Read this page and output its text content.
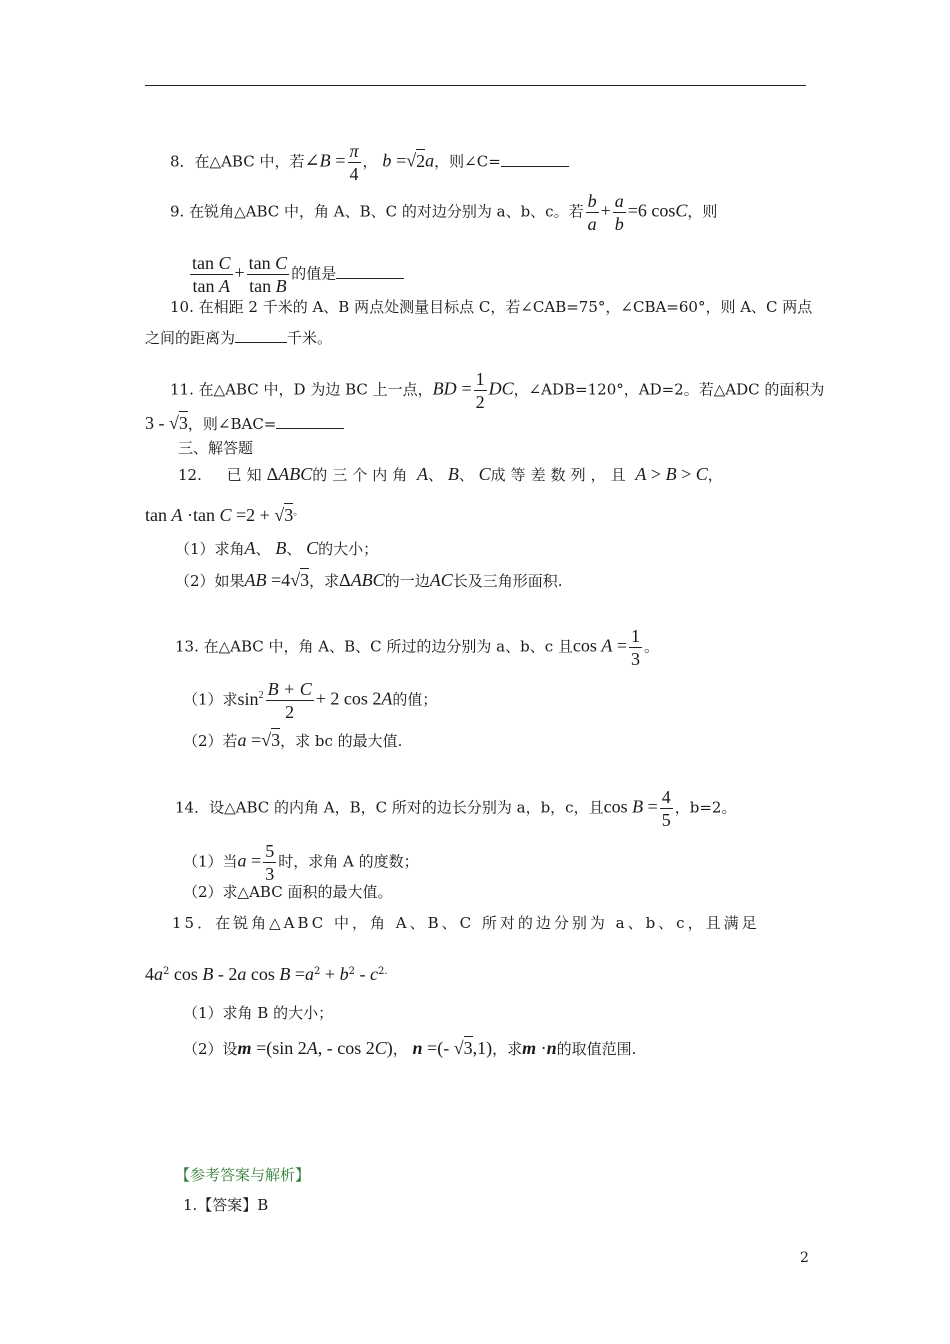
8．在△ABC 中，若∠B = $\frac{\pi}{4}$ ， b =√2a，则∠C=
9. 在锐角△ABC 中，角 A、B、C 的对边分别为 a、b、c。若 $\frac{b}{a} + \frac{a}{b} =6$ cosC，则
$\frac{\text{tan C}}{\text{tan A}} + \frac{\text{tan C}}{\text{tan B}}$ 的值是
10. 在相距 2 千米的 A、B 两点处测量目标点 C，若∠CAB=75°，∠CBA=60°，则 A、C 两点
之间的距离为	千米。
11. 在△ABC 中，D 为边 BC 上一点，BD = $\frac{1}{2}$ DC，∠ADB=120°，AD=2。若△ADC 的面积为
3 - √3，则∠BAC=
三、解答题
12. 已知ΔABC的三个内角 A、 B、 C成等差数列，且 A > B > C，
tan A ·tan C =2 + √3。
（1）求角A、 B、 C的大小；
（2）如果AB =4√3，求ΔABC的一边AC长及三角形面积.
13. 在△ABC 中，角 A、B、C 所过的边分别为 a、b、c 且$\cos A = \frac{1}{3}$ 。
（1）求$\sin^2 \frac{B + C}{2} + 2$ cos 2A的值；
（2）若a =√3，求 bc 的最大值.
14．设△ABC 的内角 A，B，C 所对的边长分别为 a，b，c，且$\cos B = \frac{4}{5}$ ，b=2。
（1）当$a = \frac{5}{3}$ 时，求角 A 的度数；
（2）求△ABC 面积的最大值。
15．在锐角△ABC 中，角 A、B、C 所对的边分别为 a、b、c，且满足
$4a^2$ cos B - 2a $\cos B =a^2 + b^2 - c^{2.}$
（1）求角 B 的大小；
（2）设m =(sin 2A, - cos 2C)， n =(- √3,1)，求m ·n的取值范围.
【参考答案与解析】
1.【答案】B
2
